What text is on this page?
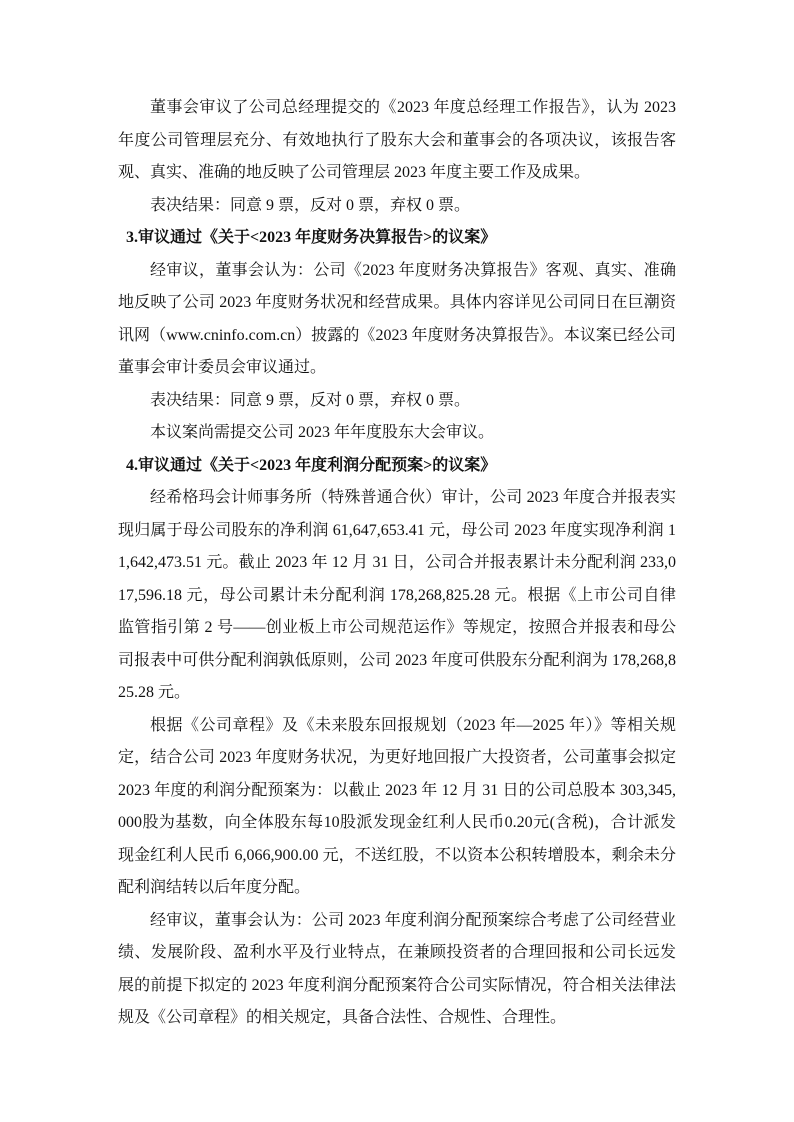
董事会审议了公司总经理提交的《2023 年度总经理工作报告》，认为 2023 年度公司管理层充分、有效地执行了股东大会和董事会的各项决议，该报告客观、真实、准确的地反映了公司管理层 2023 年度主要工作及成果。

表决结果：同意 9 票，反对 0 票，弃权 0 票。

3.审议通过《关于<2023 年度财务决算报告>的议案》

经审议，董事会认为：公司《2023 年度财务决算报告》客观、真实、准确地反映了公司 2023 年度财务状况和经营成果。具体内容详见公司同日在巨潮资讯网（www.cninfo.com.cn）披露的《2023 年度财务决算报告》。本议案已经公司董事会审计委员会审议通过。

表决结果：同意 9 票，反对 0 票，弃权 0 票。

本议案尚需提交公司 2023 年年度股东大会审议。

4.审议通过《关于<2023 年度利润分配预案>的议案》

经希格玛会计师事务所（特殊普通合伙）审计，公司 2023 年度合并报表实现归属于母公司股东的净利润 61,647,653.41 元，母公司 2023 年度实现净利润 11,642,473.51 元。截止 2023 年 12 月 31 日，公司合并报表累计未分配利润 233,017,596.18 元，母公司累计未分配利润 178,268,825.28 元。根据《上市公司自律监管指引第 2 号——创业板上市公司规范运作》等规定，按照合并报表和母公司报表中可供分配利润孰低原则，公司 2023 年度可供股东分配利润为 178,268,825.28 元。

根据《公司章程》及《未来股东回报规划（2023 年—2025 年）》等相关规定，结合公司 2023 年度财务状况，为更好地回报广大投资者，公司董事会拟定 2023 年度的利润分配预案为：以截止 2023 年 12 月 31 日的公司总股本 303,345,000股为基数，向全体股东每10股派发现金红利人民币0.20元(含税)，合计派发现金红利人民币 6,066,900.00 元，不送红股，不以资本公积转增股本，剩余未分配利润结转以后年度分配。

经审议，董事会认为：公司 2023 年度利润分配预案综合考虑了公司经营业绩、发展阶段、盈利水平及行业特点，在兼顾投资者的合理回报和公司长远发展的前提下拟定的 2023 年度利润分配预案符合公司实际情况，符合相关法律法规及《公司章程》的相关规定，具备合法性、合规性、合理性。
